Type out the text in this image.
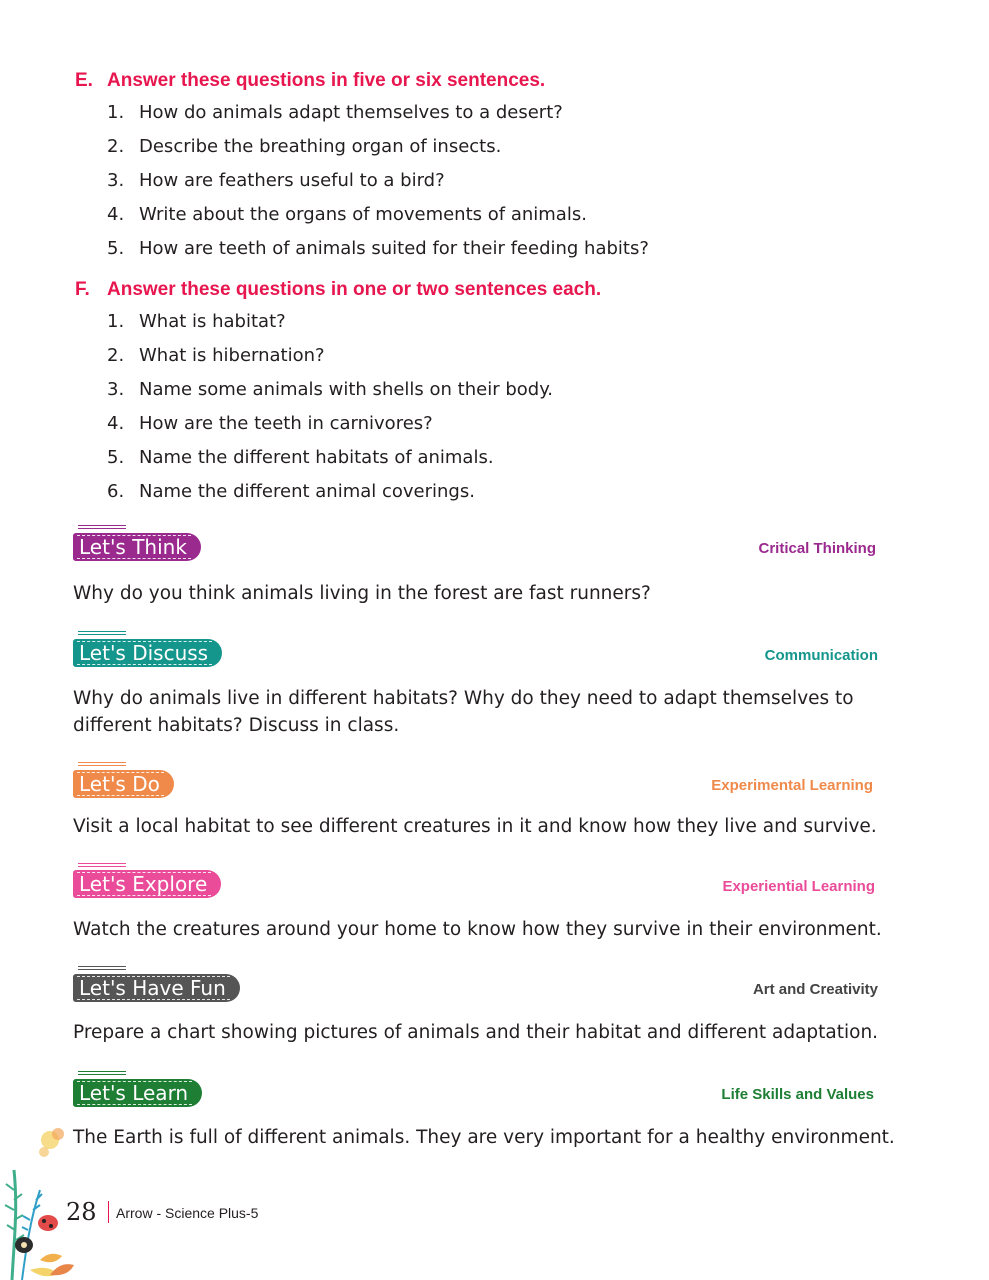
E. Answer these questions in five or six sentences.
1. How do animals adapt themselves to a desert?
2. Describe the breathing organ of insects.
3. How are feathers useful to a bird?
4. Write about the organs of movements of animals.
5. How are teeth of animals suited for their feeding habits?
F. Answer these questions in one or two sentences each.
1. What is habitat?
2. What is hibernation?
3. Name some animals with shells on their body.
4. How are the teeth in carnivores?
5. Name the different habitats of animals.
6. Name the different animal coverings.
Let's Think	Critical Thinking
Why do you think animals living in the forest are fast runners?
Let's Discuss	Communication
Why do animals live in different habitats? Why do they need to adapt themselves to different habitats? Discuss in class.
Let's Do	Experimental Learning
Visit a local habitat to see different creatures in it and know how they live and survive.
Let's Explore	Experiential Learning
Watch the creatures around your home to know how they survive in their environment.
Let's Have Fun	Art and Creativity
Prepare a chart showing pictures of animals and their habitat and different adaptation.
Let's Learn	Life Skills and Values
The Earth is full of different animals. They are very important for a healthy environment.
28 Arrow - Science Plus-5
